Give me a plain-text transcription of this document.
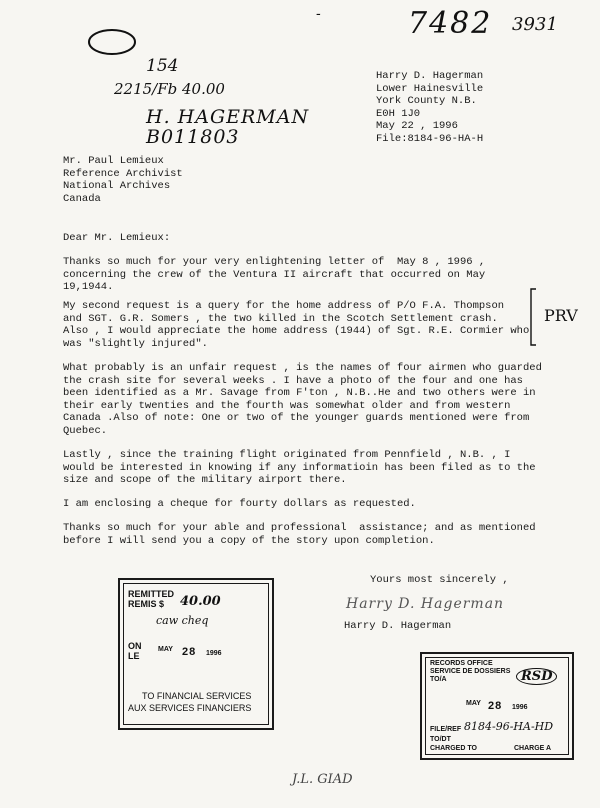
-	7482 3931
154
2215/Fb 40.00
H. HAGERMAN
B011803
Harry D. Hagerman
Lower Hainesville
York County N.B.
E0H 1J0
May 22 , 1996
File:8184-96-HA-H
Mr. Paul Lemieux
Reference Archivist
National Archives
Canada
Dear Mr. Lemieux:
Thanks so much for your very enlightening letter of  May 8 , 1996 ,
concerning the crew of the Ventura II aircraft that occurred on May
19,1944.
My second request is a query for the home address of P/O F.A. Thompson
and SGT. G.R. Somers , the two killed in the Scotch Settlement crash.
Also , I would appreciate the home address (1944) of Sgt. R.E. Cormier who
was "slightly injured".
What probably is an unfair request , is the names of four airmen who guarded
the crash site for several weeks . I have a photo of the four and one has
been identified as a Mr. Savage from F'ton , N.B..He and two others were in
their early twenties and the fourth was somewhat older and from western
Canada .Also of note: One or two of the younger guards mentioned were from
Quebec.
Lastly , since the training flight originated from Pennfield , N.B. , I
would be interested in knowing if any informatioin has been filed as to the
size and scope of the military airport there.
I am enclosing a cheque for fourty dollars as requested.
Thanks so much for your able and professional  assistance; and as mentioned
before I will send you a copy of the story upon completion.
PRV
Yours most sincerely ,
Harry D. Hagerman
Harry D. Hagerman
REMITTED
REMIS $ 40.00
caw cheq
ON
LE
MAY 28 1996
TO FINANCIAL SERVICES
AUX SERVICES FINANCIERS
RECORDS OFFICE
SERVICE DE DOSSIERS
TO/A	RSD
MAY 28 1996
FILE/REF 8184-96-HA-HD
TO/DT
CHARGED TO	CHARGE A
J.L. GIAD
